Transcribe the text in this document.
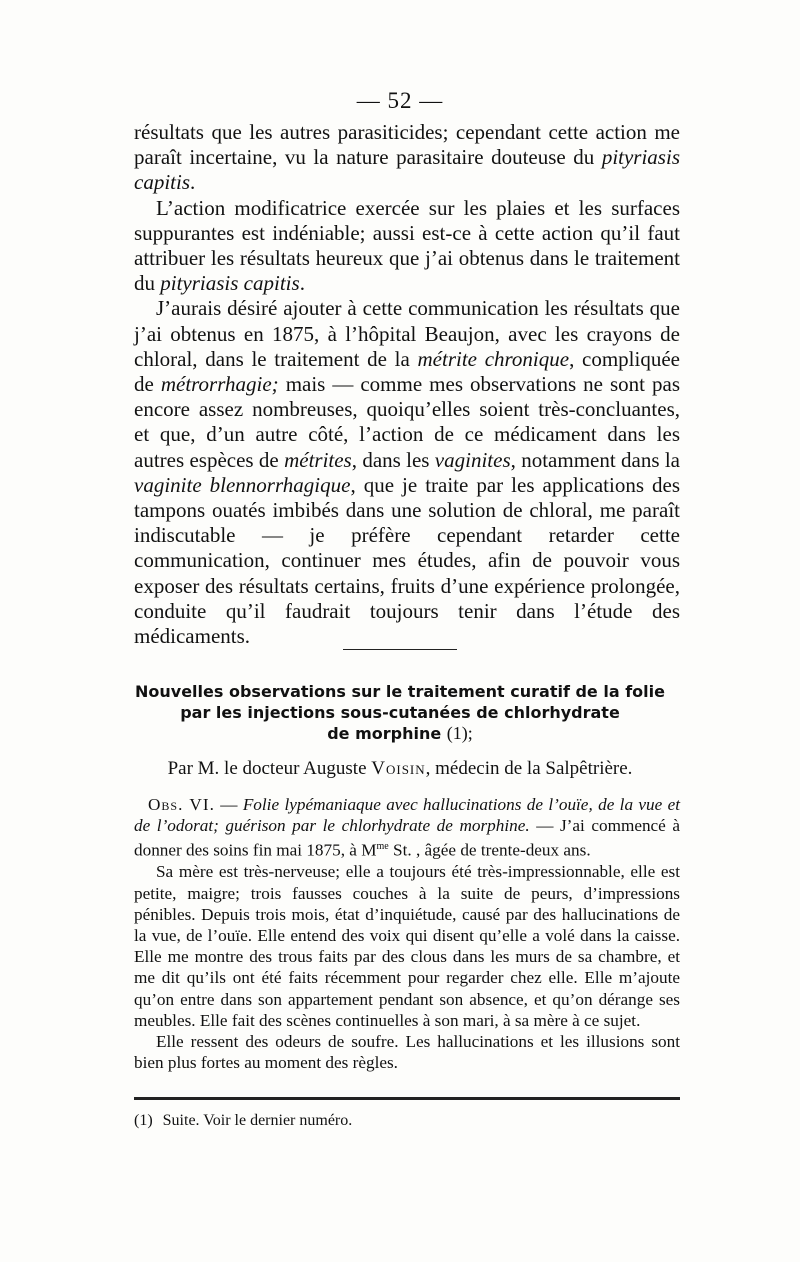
— 52 —

résultats que les autres parasiticides; cependant cette action me paraît incertaine, vu la nature parasitaire douteuse du pityriasis capitis.

L’action modificatrice exercée sur les plaies et les surfaces suppurantes est indéniable; aussi est-ce à cette action qu’il faut attribuer les résultats heureux que j’ai obtenus dans le traitement du pityriasis capitis.

J’aurais désiré ajouter à cette communication les résultats que j’ai obtenus en 1875, à l’hôpital Beaujon, avec les crayons de chloral, dans le traitement de la métrite chronique, compliquée de métrorrhagie; mais — comme mes observations ne sont pas encore assez nombreuses, quoiqu’elles soient très-concluantes, et que, d’un autre côté, l’action de ce médicament dans les autres espèces de métrites, dans les vaginites, notamment dans la vaginite blennorrhagique, que je traite par les applications des tampons ouatés imbibés dans une solution de chloral, me paraît indiscutable — je préfère cependant retarder cette communication, continuer mes études, afin de pouvoir vous exposer des résultats certains, fruits d’une expérience prolongée, conduite qu’il faudrait toujours tenir dans l’étude des médicaments.

Nouvelles observations sur le traitement curatif de la folie
par les injections sous-cutanées de chlorhydrate
de morphine (1);
Par M. le docteur Auguste Voisin, médecin de la Salpêtrière.

Obs. VI. — Folie lypémaniaque avec hallucinations de l’ouïe, de la vue et de l’odorat; guérison par le chlorhydrate de morphine. — J’ai commencé à donner des soins fin mai 1875, à $M^{me}$ St. , âgée de trente-deux ans.

Sa mère est très-nerveuse; elle a toujours été très-impressionnable, elle est petite, maigre; trois fausses couches à la suite de peurs, d’impressions pénibles. Depuis trois mois, état d’inquiétude, causé par des hallucinations de la vue, de l’ouïe. Elle entend des voix qui disent qu’elle a volé dans la caisse. Elle me montre des trous faits par des clous dans les murs de sa chambre, et me dit qu’ils ont été faits récemment pour regarder chez elle. Elle m’ajoute qu’on entre dans son appartement pendant son absence, et qu’on dérange ses meubles. Elle fait des scènes continuelles à son mari, à sa mère à ce sujet.

Elle ressent des odeurs de soufre. Les hallucinations et les illusions sont bien plus fortes au moment des règles.

(1) Suite. Voir le dernier numéro.
